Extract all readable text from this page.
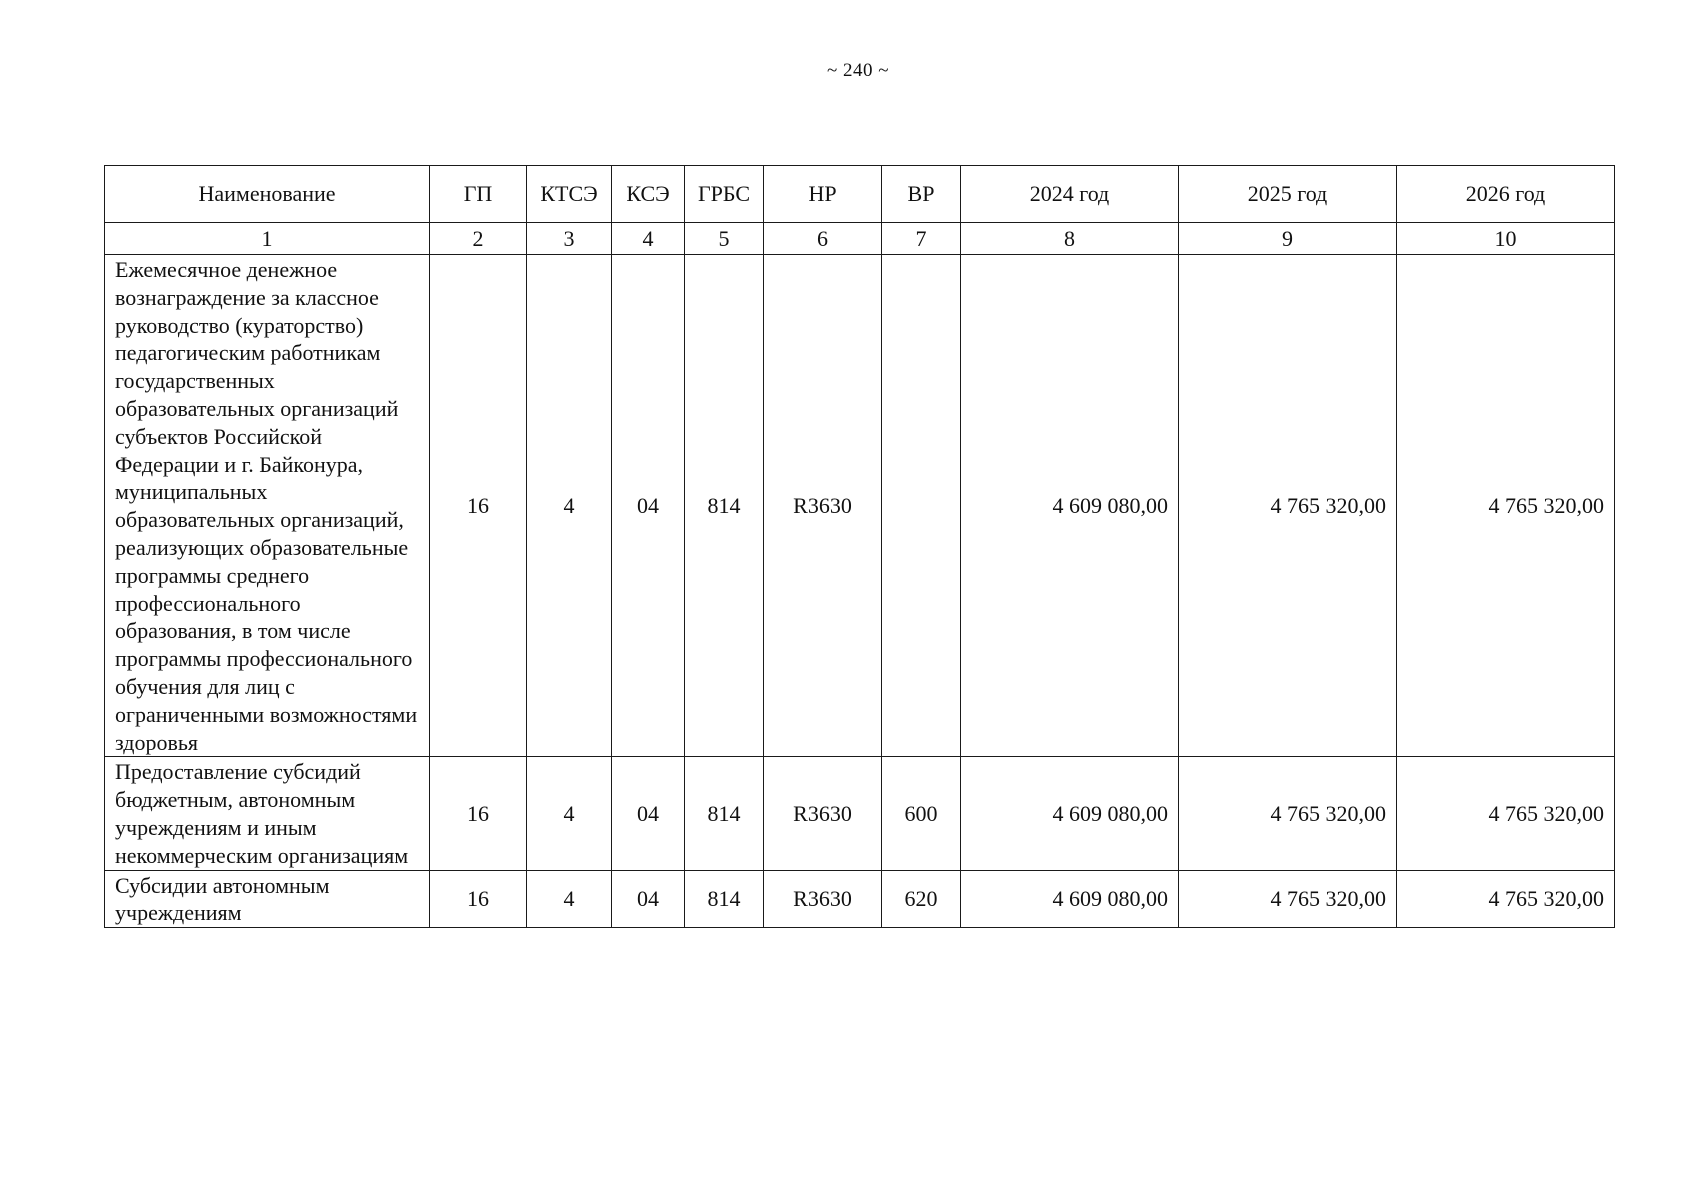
~ 240 ~
Наименование	ГП	КТСЭ	КСЭ	ГРБС	НР	ВР	2024 год	2025 год	2026 год
1	2	3	4	5	6	7	8	9	10
Ежемесячное денежное вознаграждение за классное руководство (кураторство) педагогическим работникам государственных образовательных организаций субъектов Российской Федерации и г. Байконура, муниципальных образовательных организаций, реализующих образовательные программы среднего профессионального образования, в том числе программы профессионального обучения для лиц с ограниченными возможностями здоровья	16	4	04	814	R3630		4 609 080,00	4 765 320,00	4 765 320,00
Предоставление субсидий бюджетным, автономным учреждениям и иным некоммерческим организациям	16	4	04	814	R3630	600	4 609 080,00	4 765 320,00	4 765 320,00
Субсидии автономным учреждениям	16	4	04	814	R3630	620	4 609 080,00	4 765 320,00	4 765 320,00
